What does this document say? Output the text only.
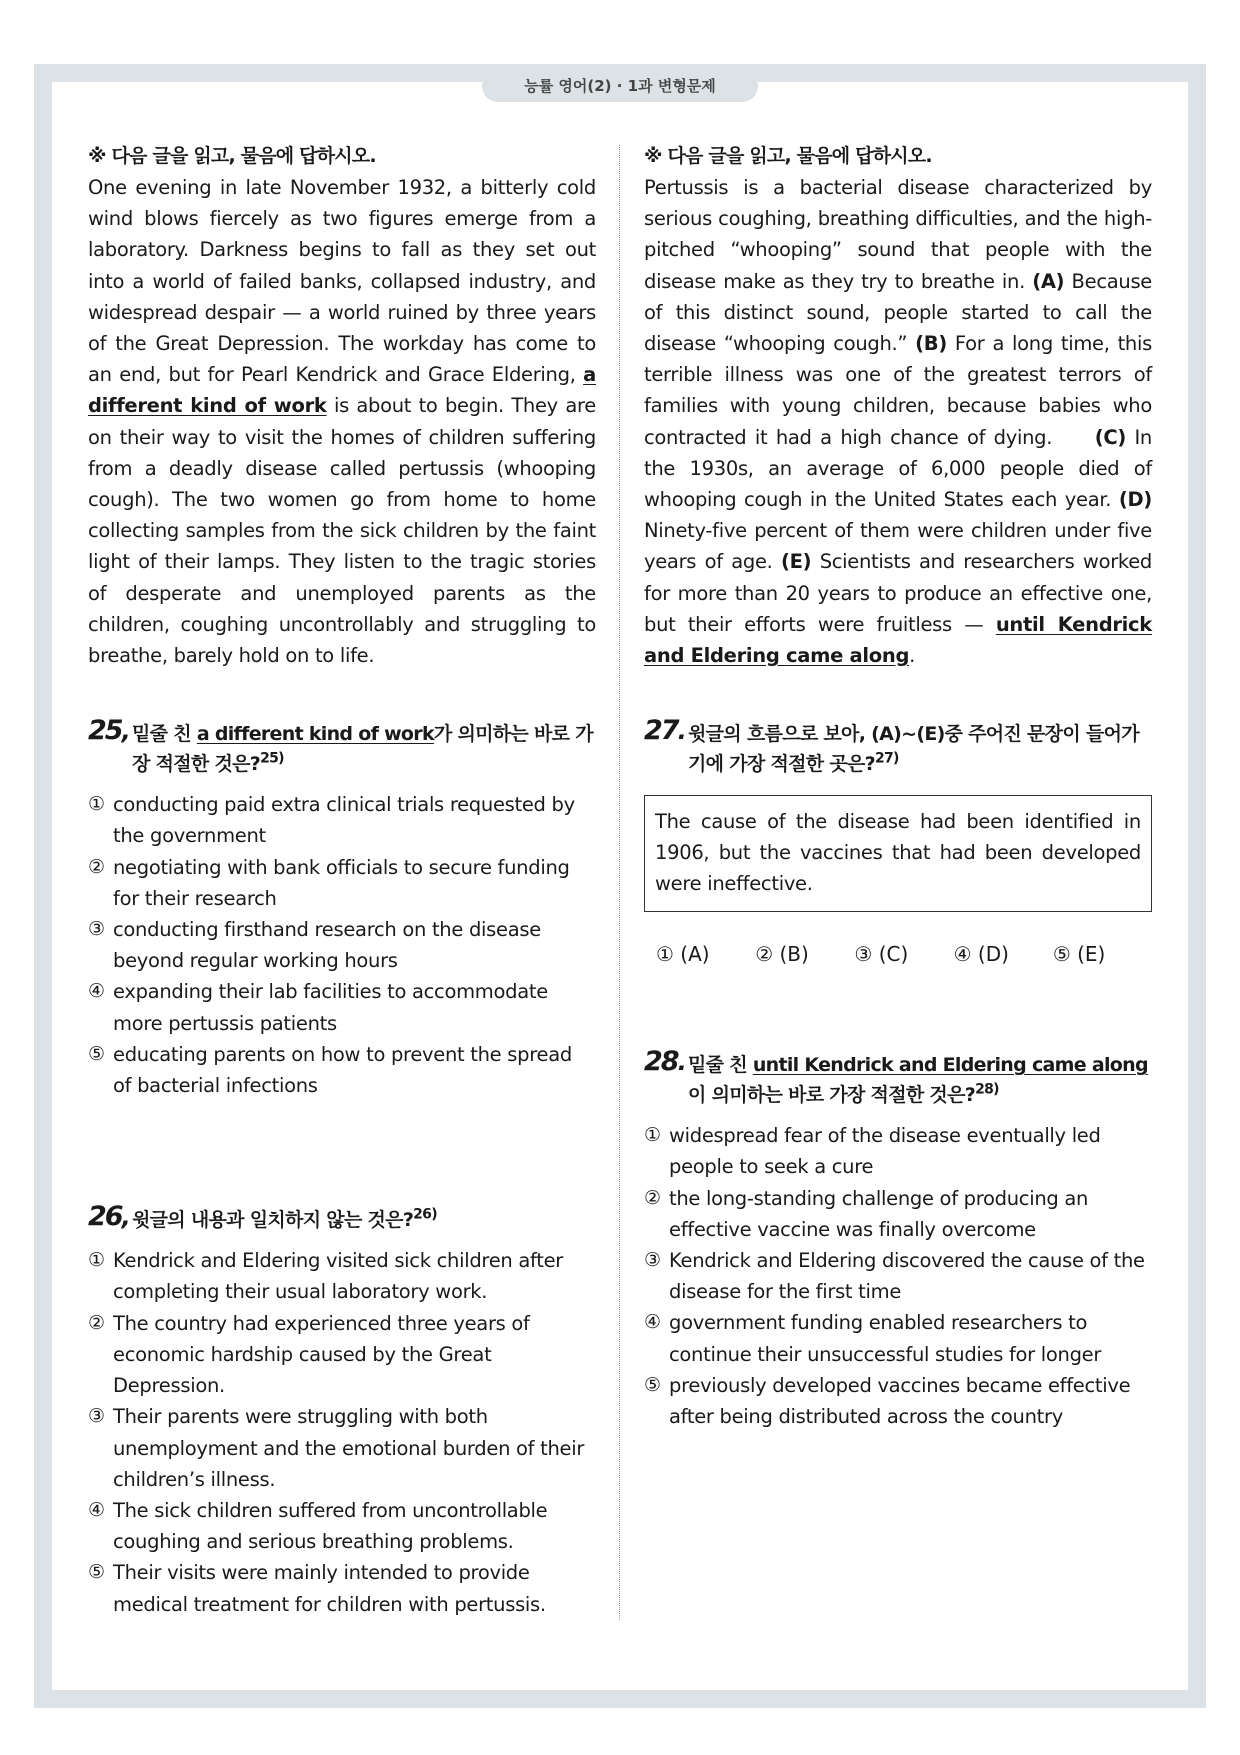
능률 영어(2) · 1과 변형문제
※ 다음 글을 읽고, 물음에 답하시오.
One evening in late November 1932, a bitterly cold wind blows fiercely as two figures emerge from a laboratory. Darkness begins to fall as they set out into a world of failed banks, collapsed industry, and widespread despair — a world ruined by three years of the Great Depression. The workday has come to an end, but for Pearl Kendrick and Grace Eldering, a different kind of work is about to begin. They are on their way to visit the homes of children suffering from a deadly disease called pertussis (whooping cough). The two women go from home to home collecting samples from the sick children by the faint light of their lamps. They listen to the tragic stories of desperate and unemployed parents as the children, coughing uncontrollably and struggling to breathe, barely hold on to life.
25, 밑줄 친 a different kind of work가 의미하는 바로 가장 적절한 것은?$^{25)}$
① conducting paid extra clinical trials requested by the government
② negotiating with bank officials to secure funding for their research
③ conducting firsthand research on the disease beyond regular working hours
④ expanding their lab facilities to accommodate more pertussis patients
⑤ educating parents on how to prevent the spread of bacterial infections
26, 윗글의 내용과 일치하지 않는 것은?$^{26)}$
① Kendrick and Eldering visited sick children after completing their usual laboratory work.
② The country had experienced three years of economic hardship caused by the Great Depression.
③ Their parents were struggling with both unemployment and the emotional burden of their children’s illness.
④ The sick children suffered from uncontrollable coughing and serious breathing problems.
⑤ Their visits were mainly intended to provide medical treatment for children with pertussis.
※ 다음 글을 읽고, 물음에 답하시오.
Pertussis is a bacterial disease characterized by serious coughing, breathing difficulties, and the high-pitched “whooping” sound that people with the disease make as they try to breathe in. (A) Because of this distinct sound, people started to call the disease “whooping cough.” (B) For a long time, this terrible illness was one of the greatest terrors of families with young children, because babies who contracted it had a high chance of dying. (C) In the 1930s, an average of 6,000 people died of whooping cough in the United States each year. (D) Ninety-five percent of them were children under five years of age. (E) Scientists and researchers worked for more than 20 years to produce an effective one, but their efforts were fruitless — until Kendrick and Eldering came along.
27. 윗글의 흐름으로 보아, (A)~(E)중 주어진 문장이 들어가기에 가장 적절한 곳은?$^{27)}$
The cause of the disease had been identified in 1906, but the vaccines that had been developed were ineffective.
① (A)	② (B)	③ (C)	④ (D)	⑤ (E)
28. 밑줄 친 until Kendrick and Eldering came along이 의미하는 바로 가장 적절한 것은?$^{28)}$
① widespread fear of the disease eventually led people to seek a cure
② the long-standing challenge of producing an effective vaccine was finally overcome
③ Kendrick and Eldering discovered the cause of the disease for the first time
④ government funding enabled researchers to continue their unsuccessful studies for longer
⑤ previously developed vaccines became effective after being distributed across the country
